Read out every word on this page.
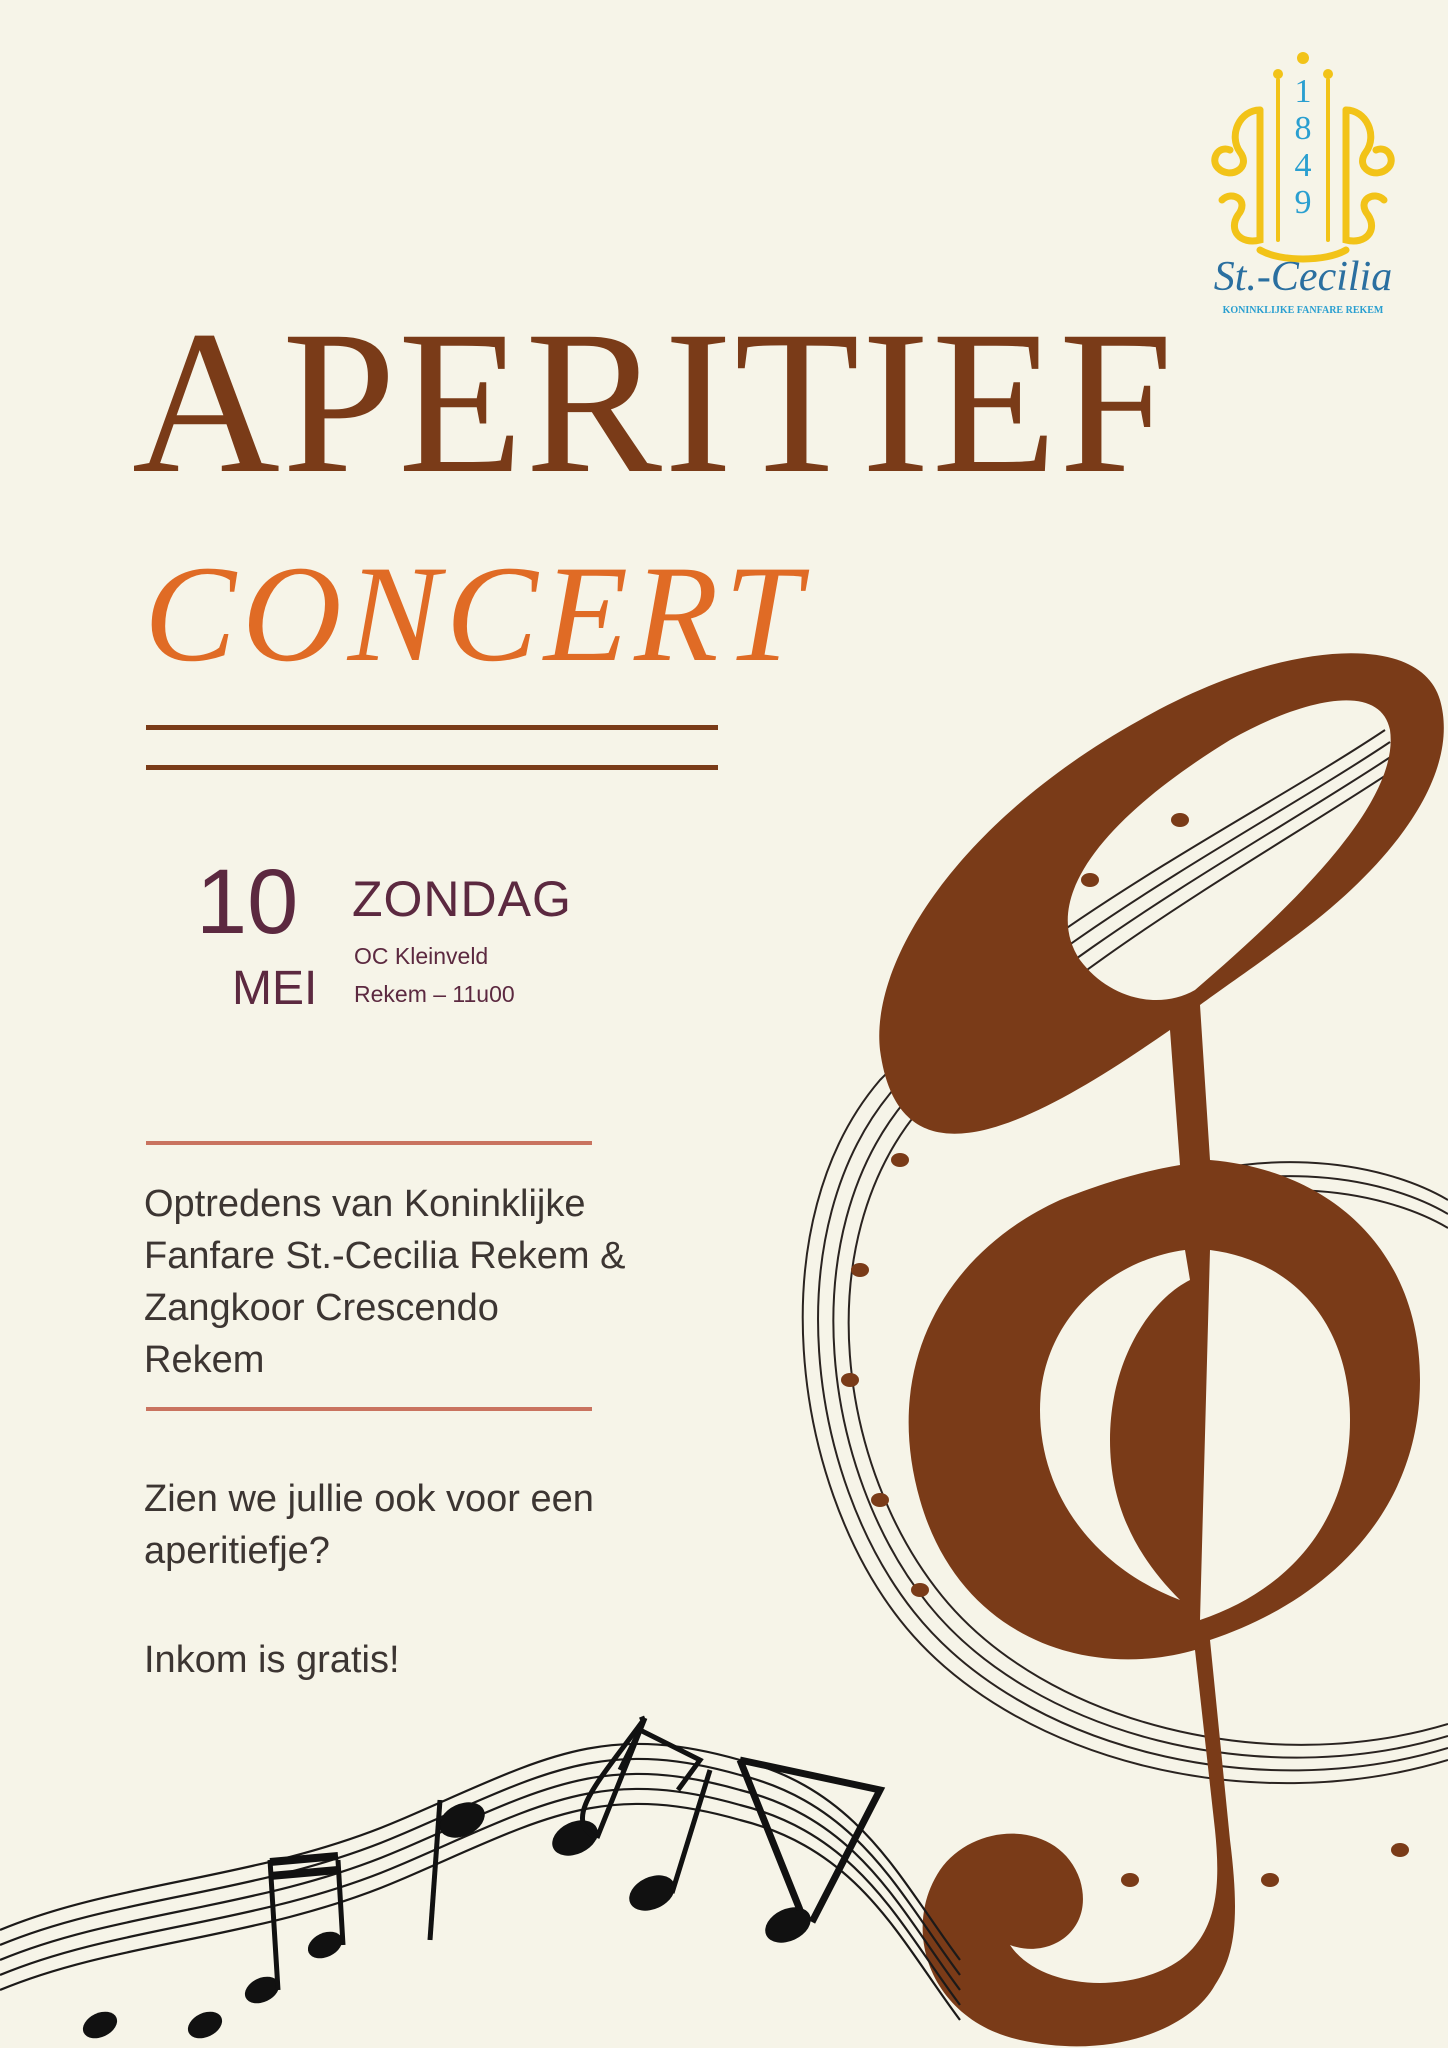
1
8
4
9
St.-Cecilia
KONINKLIJKE FANFARE REKEM
APERITIEF
CONCERT
10
MEI
ZONDAG
OC Kleinveld
Rekem – 11u00
Optredens van Koninklijke
Fanfare St.-Cecilia Rekem &
Zangkoor Crescendo
Rekem
Zien we jullie ook voor een
aperitiefje?
Inkom is gratis!
